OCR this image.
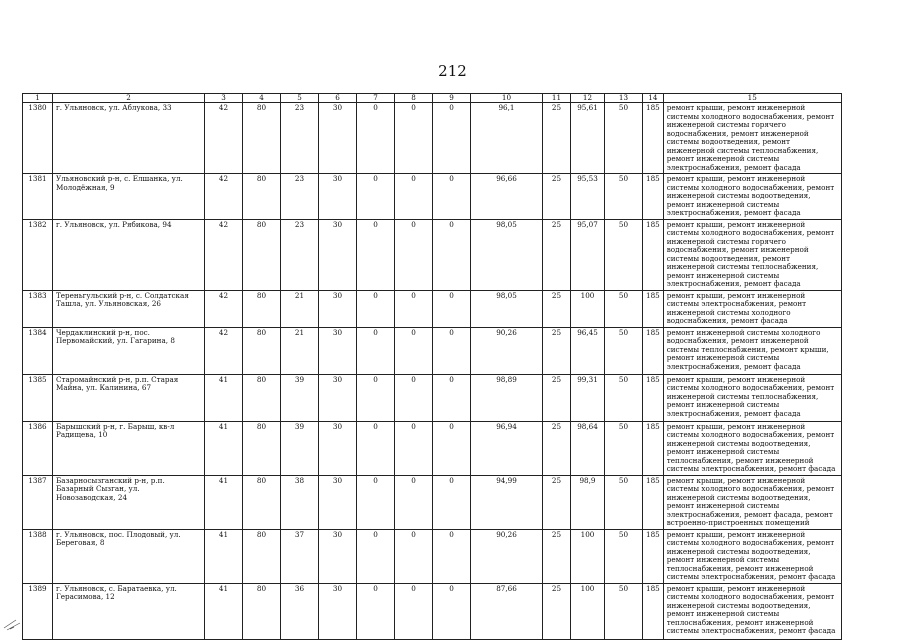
212
1	2	3	4	5	6	7	8	9	10	11	12	13	14	15
1380	г. Ульяновск, ул. Аблукова, 33	42	80	23	30	0	0	0	96,1	25	95,61	50	185	ремонт крыши, ремонт инженерной системы холодного водоснабжения, ремонт инженерной системы горячего водоснабжения, ремонт инженерной системы водоотведения, ремонт инженерной системы теплоснабжения, ремонт инженерной системы электроснабжения, ремонт фасада
1381	Ульяновский р-н, с. Елшанка, ул. Молодёжная, 9	42	80	23	30	0	0	0	96,66	25	95,53	50	185	ремонт крыши, ремонт инженерной системы холодного водоснабжения, ремонт инженерной системы водоотведения, ремонт инженерной системы электроснабжения, ремонт фасада
1382	г. Ульяновск, ул. Рябикова, 94	42	80	23	30	0	0	0	98,05	25	95,07	50	185	ремонт крыши, ремонт инженерной системы холодного водоснабжения, ремонт инженерной системы горячего водоснабжения, ремонт инженерной системы водоотведения, ремонт инженерной системы теплоснабжения, ремонт инженерной системы электроснабжения, ремонт фасада
1383	Тереньгульский р-н, с. Солдатская Ташла, ул. Ульяновская, 26	42	80	21	30	0	0	0	98,05	25	100	50	185	ремонт крыши, ремонт инженерной системы электроснабжения, ремонт инженерной системы холодного водоснабжения, ремонт фасада
1384	Чердаклинский р-н, пос. Первомайский, ул. Гагарина, 8	42	80	21	30	0	0	0	90,26	25	96,45	50	185	ремонт инженерной системы холодного водоснабжения, ремонт инженерной системы теплоснабжения, ремонт крыши, ремонт инженерной системы электроснабжения, ремонт фасада
1385	Старомайнский р-н, р.п. Старая Майна, ул. Калинина, 67	41	80	39	30	0	0	0	98,89	25	99,31	50	185	ремонт крыши, ремонт инженерной системы холодного водоснабжения, ремонт инженерной системы теплоснабжения, ремонт инженерной системы электроснабжения, ремонт фасада
1386	Барышский р-н, г. Барыш, кв-л Радищева, 10	41	80	39	30	0	0	0	96,94	25	98,64	50	185	ремонт крыши, ремонт инженерной системы холодного водоснабжения, ремонт инженерной системы водоотведения, ремонт инженерной системы теплоснабжения, ремонт инженерной системы электроснабжения, ремонт фасада
1387	Базарносызганский р-н, р.п. Базарный Сызган, ул. Новозаводская, 24	41	80	38	30	0	0	0	94,99	25	98,9	50	185	ремонт крыши, ремонт инженерной системы холодного водоснабжения, ремонт инженерной системы водоотведения, ремонт инженерной системы электроснабжения, ремонт фасада, ремонт встроенно-пристроенных помещений
1388	г. Ульяновск, пос. Плодовый, ул. Береговая, 8	41	80	37	30	0	0	0	90,26	25	100	50	185	ремонт крыши, ремонт инженерной системы холодного водоснабжения, ремонт инженерной системы водоотведения, ремонт инженерной системы теплоснабжения, ремонт инженерной системы электроснабжения, ремонт фасада
1389	г. Ульяновск, с. Баратаевка, ул. Герасимова, 12	41	80	36	30	0	0	0	87,66	25	100	50	185	ремонт крыши, ремонт инженерной системы холодного водоснабжения, ремонт инженерной системы водоотведения, ремонт инженерной системы теплоснабжения, ремонт инженерной системы электроснабжения, ремонт фасада
